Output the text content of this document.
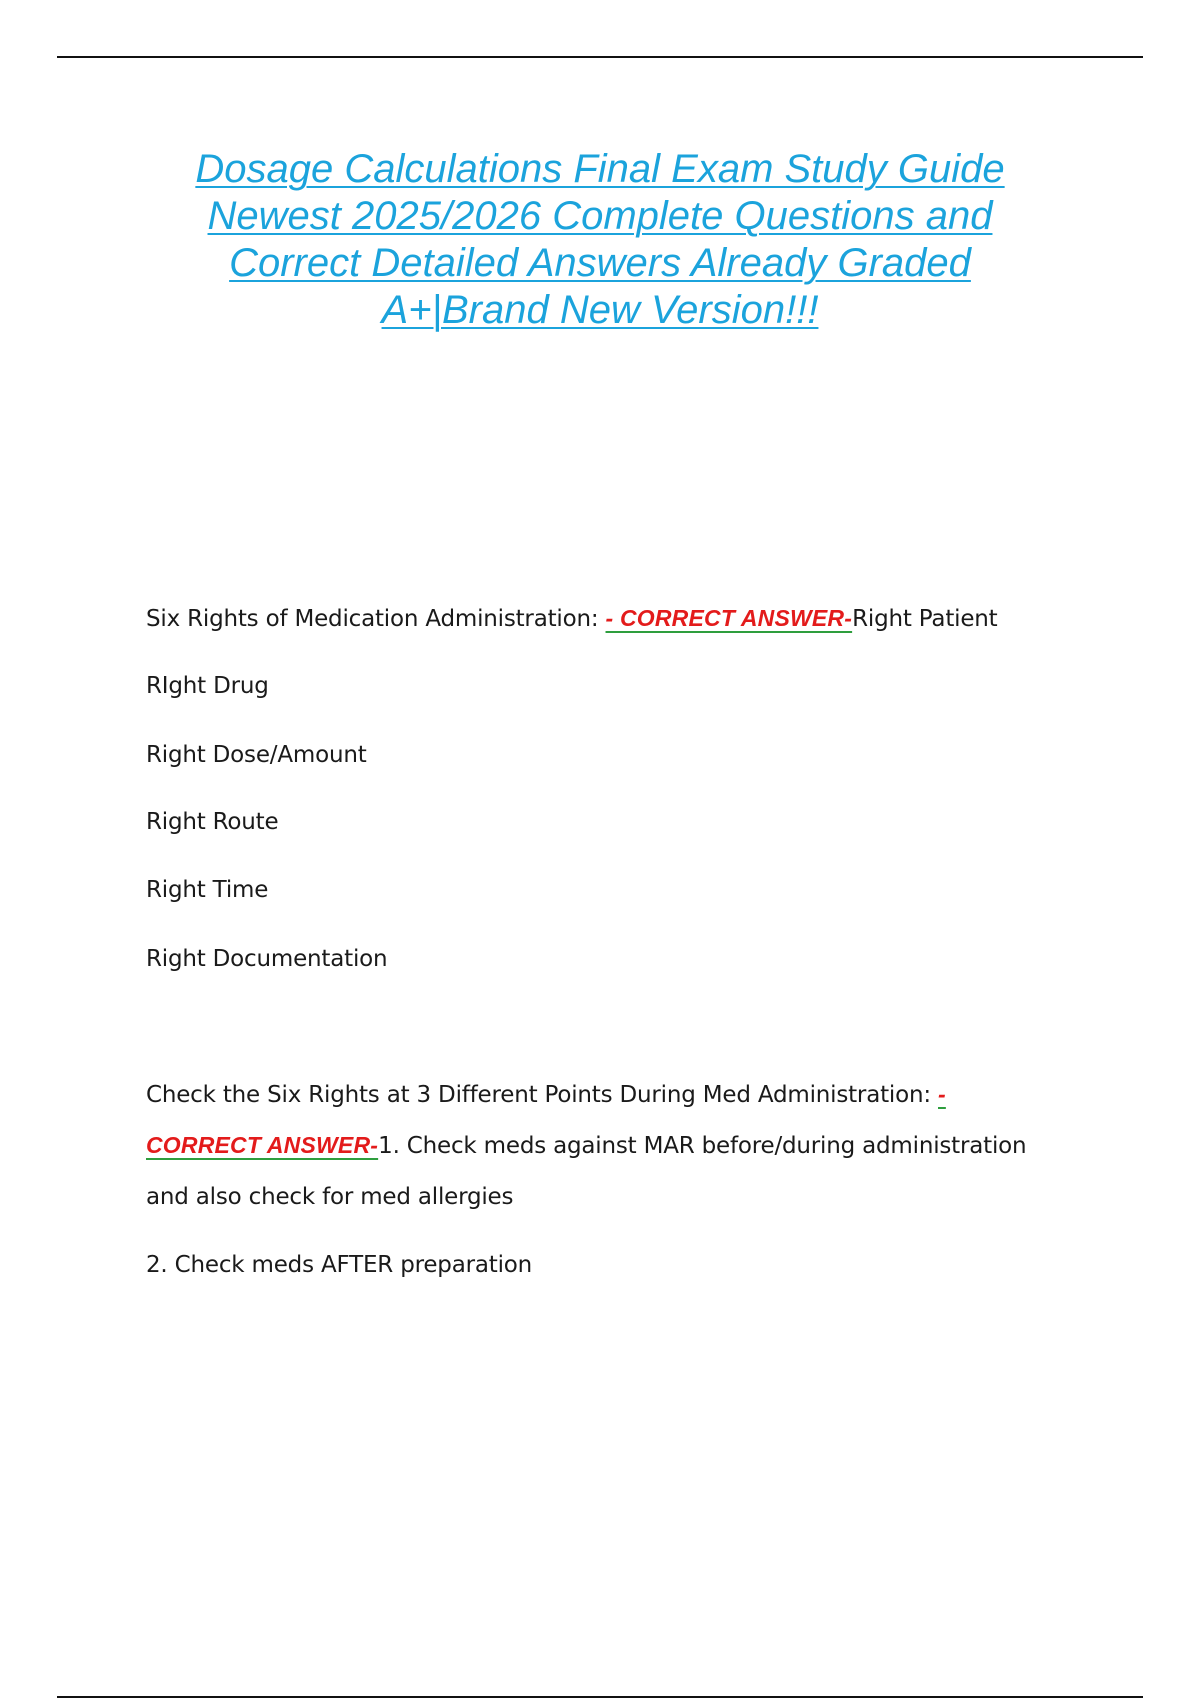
Dosage Calculations Final Exam Study Guide
Newest 2025/2026 Complete Questions and
Correct Detailed Answers Already Graded
A+|Brand New Version!!!
Six Rights of Medication Administration: - CORRECT ANSWER-Right Patient
RIght Drug
Right Dose/Amount
Right Route
Right Time
Right Documentation
Check the Six Rights at 3 Different Points During Med Administration: -
CORRECT ANSWER-1. Check meds against MAR before/during administration
and also check for med allergies
2. Check meds AFTER preparation
